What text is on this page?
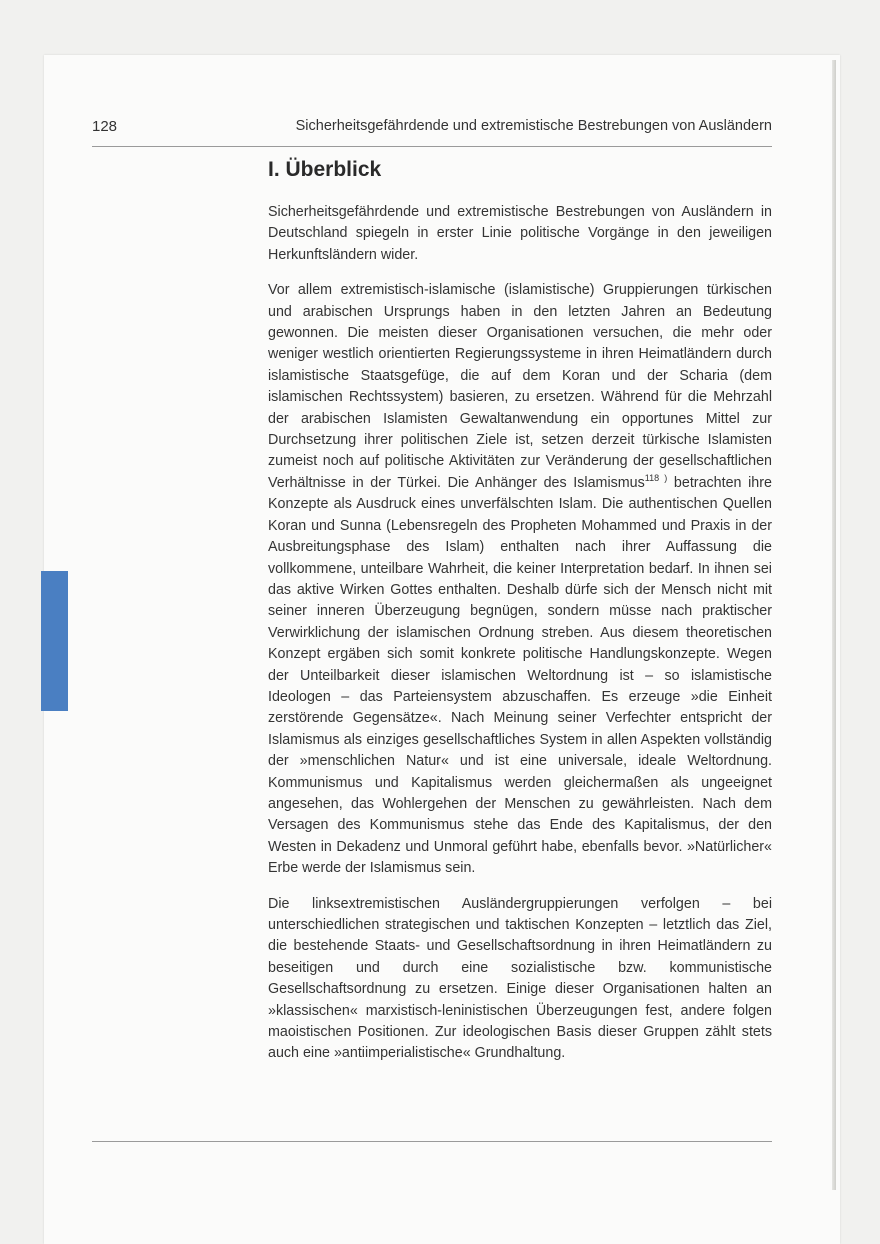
128	Sicherheitsgefährdende und extremistische Bestrebungen von Ausländern
I. Überblick

Sicherheitsgefährdende und extremistische Bestrebungen von Ausländern in Deutschland spiegeln in erster Linie politische Vorgänge in den jeweiligen Herkunftsländern wider.

Vor allem extremistisch-islamische (islamistische) Gruppierungen türkischen und arabischen Ursprungs haben in den letzten Jahren an Bedeutung gewonnen. Die meisten dieser Organisationen versuchen, die mehr oder weniger westlich orientierten Regierungssysteme in ihren Heimatländern durch islamistische Staatsgefüge, die auf dem Koran und der Scharia (dem islamischen Rechtssystem) basieren, zu ersetzen. Während für die Mehrzahl der arabischen Islamisten Gewaltanwendung ein opportunes Mittel zur Durchsetzung ihrer politischen Ziele ist, setzen derzeit türkische Islamisten zumeist noch auf politische Aktivitäten zur Veränderung der gesellschaftlichen Verhältnisse in der Türkei. Die Anhänger des Islamismus$^{118 )}$ betrachten ihre Konzepte als Ausdruck eines unverfälschten Islam. Die authentischen Quellen Koran und Sunna (Lebensregeln des Propheten Mohammed und Praxis in der Ausbreitungsphase des Islam) enthalten nach ihrer Auffassung die vollkommene, unteilbare Wahrheit, die keiner Interpretation bedarf. In ihnen sei das aktive Wirken Gottes enthalten. Deshalb dürfe sich der Mensch nicht mit seiner inneren Überzeugung begnügen, sondern müsse nach praktischer Verwirklichung der islamischen Ordnung streben. Aus diesem theoretischen Konzept ergäben sich somit konkrete politische Handlungskonzepte. Wegen der Unteilbarkeit dieser islamischen Weltordnung ist – so islamistische Ideologen – das Parteiensystem abzuschaffen. Es erzeuge »die Einheit zerstörende Gegensätze«. Nach Meinung seiner Verfechter entspricht der Islamismus als einziges gesellschaftliches System in allen Aspekten vollständig der »menschlichen Natur« und ist eine universale, ideale Weltordnung. Kommunismus und Kapitalismus werden gleichermaßen als ungeeignet angesehen, das Wohlergehen der Menschen zu gewährleisten. Nach dem Versagen des Kommunismus stehe das Ende des Kapitalismus, der den Westen in Dekadenz und Unmoral geführt habe, ebenfalls bevor. »Natürlicher« Erbe werde der Islamismus sein.

Die linksextremistischen Ausländergruppierungen verfolgen – bei unterschiedlichen strategischen und taktischen Konzepten – letztlich das Ziel, die bestehende Staats- und Gesellschaftsordnung in ihren Heimatländern zu beseitigen und durch eine sozialistische bzw. kommunistische Gesellschaftsordnung zu ersetzen. Einige dieser Organisationen halten an »klassischen« marxistisch-leninistischen Überzeugungen fest, andere folgen maoistischen Positionen. Zur ideologischen Basis dieser Gruppen zählt stets auch eine »antiimperialistische« Grundhaltung.
